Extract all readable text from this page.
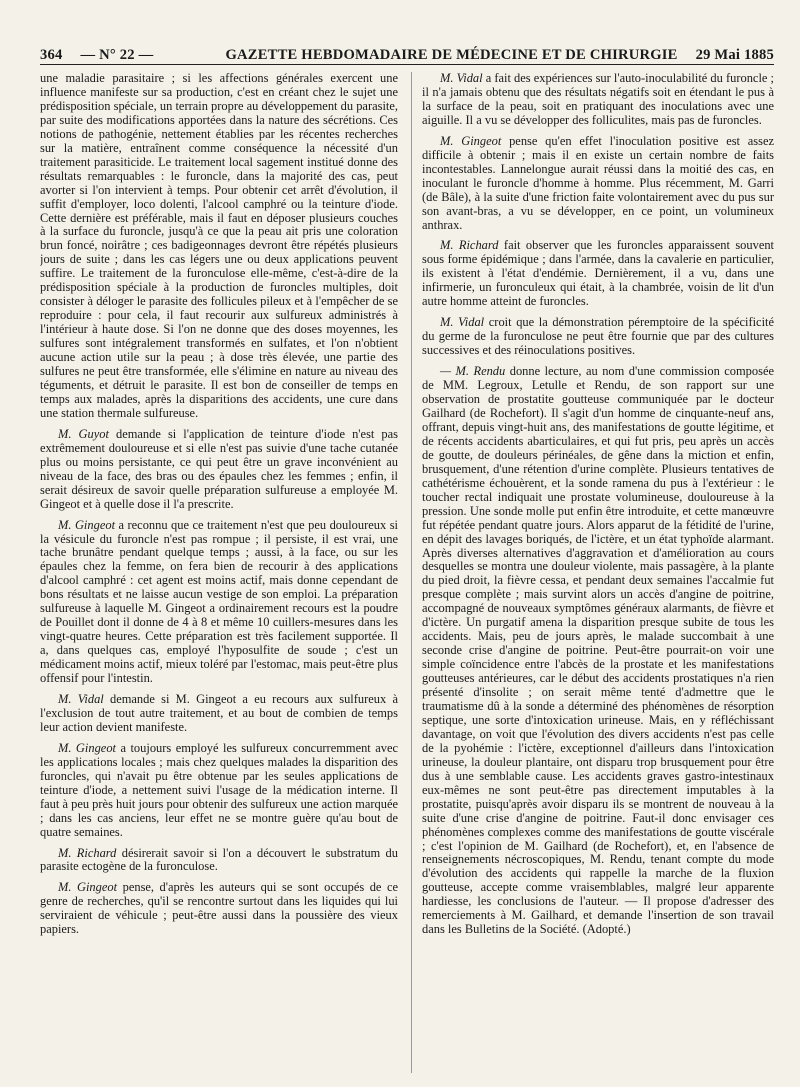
364 — N° 22 —	GAZETTE HEBDOMADAIRE DE MÉDECINE ET DE CHIRURGIE 29 Mai 1885

une maladie parasitaire ; si les affections générales exercent une influence manifeste sur sa production, c'est en créant chez le sujet une prédisposition spéciale, un terrain propre au développement du parasite, par suite des modifications apportées dans la nature des sécrétions. Ces notions de pathogénie, nettement établies par les récentes recherches sur la matière, entraînent comme conséquence la nécessité d'un traitement parasiticide. Le traitement local sagement institué donne des résultats remarquables : le furoncle, dans la majorité des cas, peut avorter si l'on intervient à temps. Pour obtenir cet arrêt d'évolution, il suffit d'employer, loco dolenti, l'alcool camphré ou la teinture d'iode. Cette dernière est préférable, mais il faut en déposer plusieurs couches à la surface du furoncle, jusqu'à ce que la peau ait pris une coloration brun foncé, noirâtre ; ces badigeonnages devront être répétés plusieurs jours de suite ; dans les cas légers une ou deux applications peuvent suffire. Le traitement de la furonculose elle-même, c'est-à-dire de la prédisposition spéciale à la production de furoncles multiples, doit consister à déloger le parasite des follicules pileux et à l'empêcher de se reproduire : pour cela, il faut recourir aux sulfureux administrés à l'intérieur à haute dose. Si l'on ne donne que des doses moyennes, les sulfures sont intégralement transformés en sulfates, et l'on n'obtient aucune action utile sur la peau ; à dose très élevée, une partie des sulfures ne peut être transformée, elle s'élimine en nature au niveau des téguments, et détruit le parasite. Il est bon de conseiller de temps en temps aux malades, après la disparitions des accidents, une cure dans une station thermale sulfureuse.

M. Guyot demande si l'application de teinture d'iode n'est pas extrêmement douloureuse et si elle n'est pas suivie d'une tache cutanée plus ou moins persistante, ce qui peut être un grave inconvénient au niveau de la face, des bras ou des épaules chez les femmes ; enfin, il serait désireux de savoir quelle préparation sulfureuse a employée M. Gingeot et à quelle dose il l'a prescrite.

M. Gingeot a reconnu que ce traitement n'est que peu douloureux si la vésicule du furoncle n'est pas rompue ; il persiste, il est vrai, une tache brunâtre pendant quelque temps ; aussi, à la face, ou sur les épaules chez la femme, on fera bien de recourir à des applications d'alcool camphré : cet agent est moins actif, mais donne cependant de bons résultats et ne laisse aucun vestige de son emploi. La préparation sulfureuse à laquelle M. Gingeot a ordinairement recours est la poudre de Pouillet dont il donne de 4 à 8 et même 10 cuillers-mesures dans les vingt-quatre heures. Cette préparation est très facilement supportée. Il a, dans quelques cas, employé l'hyposulfite de soude ; c'est un médicament moins actif, mieux toléré par l'estomac, mais peut-être plus offensif pour l'intestin.

M. Vidal demande si M. Gingeot a eu recours aux sulfureux à l'exclusion de tout autre traitement, et au bout de combien de temps leur action devient manifeste.

M. Gingeot a toujours employé les sulfureux concurremment avec les applications locales ; mais chez quelques malades la disparition des furoncles, qui n'avait pu être obtenue par les seules applications de teinture d'iode, a nettement suivi l'usage de la médication interne. Il faut à peu près huit jours pour obtenir des sulfureux une action marquée ; dans les cas anciens, leur effet ne se montre guère qu'au bout de quatre semaines.

M. Richard désirerait savoir si l'on a découvert le substratum du parasite ectogène de la furonculose.

M. Gingeot pense, d'après les auteurs qui se sont occupés de ce genre de recherches, qu'il se rencontre surtout dans les liquides qui lui serviraient de véhicule ; peut-être aussi dans la poussière des vieux papiers.

M. Vidal a fait des expériences sur l'auto-inoculabilité du furoncle ; il n'a jamais obtenu que des résultats négatifs soit en étendant le pus à la surface de la peau, soit en pratiquant des inoculations avec une aiguille. Il a vu se développer des folliculites, mais pas de furoncles.

M. Gingeot pense qu'en effet l'inoculation positive est assez difficile à obtenir ; mais il en existe un certain nombre de faits incontestables. Lannelongue aurait réussi dans la moitié des cas, en inoculant le furoncle d'homme à homme. Plus récemment, M. Garri (de Bâle), à la suite d'une friction faite volontairement avec du pus sur son avant-bras, a vu se développer, en ce point, un volumineux anthrax.

M. Richard fait observer que les furoncles apparaissent souvent sous forme épidémique ; dans l'armée, dans la cavalerie en particulier, ils existent à l'état d'endémie. Dernièrement, il a vu, dans une infirmerie, un furonculeux qui était, à la chambrée, voisin de lit d'un autre homme atteint de furoncles.

M. Vidal croit que la démonstration péremptoire de la spécificité du germe de la furonculose ne peut être fournie que par des cultures successives et des réinoculations positives.

— M. Rendu donne lecture, au nom d'une commission composée de MM. Legroux, Letulle et Rendu, de son rapport sur une observation de prostatite goutteuse communiquée par le docteur Gailhard (de Rochefort). Il s'agit d'un homme de cinquante-neuf ans, offrant, depuis vingt-huit ans, des manifestations de goutte légitime, et de récents accidents abarticulaires, et qui fut pris, peu après un accès de goutte, de douleurs périnéales, de gêne dans la miction et enfin, brusquement, d'une rétention d'urine complète. Plusieurs tentatives de cathétérisme échouèrent, et la sonde ramena du pus à l'extérieur : le toucher rectal indiquait une prostate volumineuse, douloureuse à la pression. Une sonde molle put enfin être introduite, et cette manœuvre fut répétée pendant quatre jours. Alors apparut de la fétidité de l'urine, en dépit des lavages boriqués, de l'ictère, et un état typhoïde alarmant. Après diverses alternatives d'aggravation et d'amélioration au cours desquelles se montra une douleur violente, mais passagère, à la plante du pied droit, la fièvre cessa, et pendant deux semaines l'accalmie fut presque complète ; mais survint alors un accès d'angine de poitrine, accompagné de nouveaux symptômes généraux alarmants, de fièvre et d'ictère. Un purgatif amena la disparition presque subite de tous les accidents. Mais, peu de jours après, le malade succombait à une seconde crise d'angine de poitrine. Peut-être pourrait-on voir une simple coïncidence entre l'abcès de la prostate et les manifestations goutteuses antérieures, car le début des accidents prostatiques n'a rien présenté d'insolite ; on serait même tenté d'admettre que le traumatisme dû à la sonde a déterminé des phénomènes de résorption septique, une sorte d'intoxication urineuse. Mais, en y réfléchissant davantage, on voit que l'évolution des divers accidents n'est pas celle de la pyohémie : l'ictère, exceptionnel d'ailleurs dans l'intoxication urineuse, la douleur plantaire, ont disparu trop brusquement pour être dus à une semblable cause. Les accidents graves gastro-intestinaux eux-mêmes ne sont peut-être pas directement imputables à la prostatite, puisqu'après avoir disparu ils se montrent de nouveau à la suite d'une crise d'angine de poitrine. Faut-il donc envisager ces phénomènes complexes comme des manifestations de goutte viscérale ; c'est l'opinion de M. Gailhard (de Rochefort), et, en l'absence de renseignements nécroscopiques, M. Rendu, tenant compte du mode d'évolution des accidents qui rappelle la marche de la fluxion goutteuse, accepte comme vraisemblables, malgré leur apparente hardiesse, les conclusions de l'auteur. — Il propose d'adresser des remerciements à M. Gailhard, et demande l'insertion de son travail dans les Bulletins de la Société. (Adopté.)
